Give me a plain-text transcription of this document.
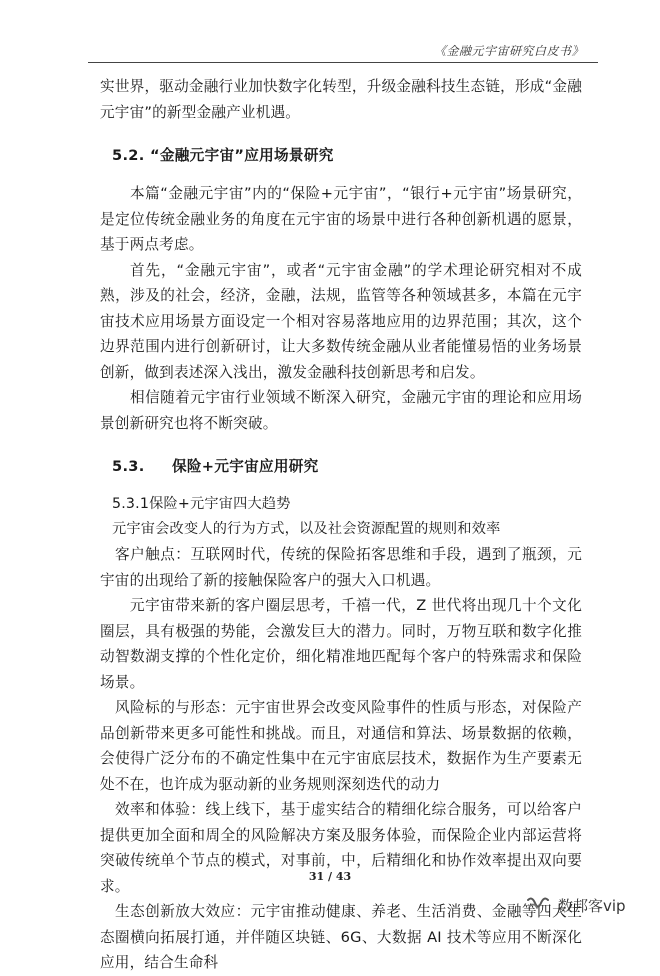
《金融元宇宙研究白皮书》

实世界，驱动金融行业加快数字化转型，升级金融科技生态链，形成“金融元宇宙”的新型金融产业机遇。

5.2. “金融元宇宙”应用场景研究

本篇“金融元宇宙”内的“保险+元宇宙”，“银行+元宇宙”场景研究，是定位传统金融业务的角度在元宇宙的场景中进行各种创新机遇的愿景，基于两点考虑。

首先，“金融元宇宙”，或者“元宇宙金融”的学术理论研究相对不成熟，涉及的社会，经济，金融，法规，监管等各种领域甚多，本篇在元宇宙技术应用场景方面设定一个相对容易落地应用的边界范围；其次，这个边界范围内进行创新研讨，让大多数传统金融从业者能懂易悟的业务场景创新，做到表述深入浅出，激发金融科技创新思考和启发。

相信随着元宇宙行业领域不断深入研究，金融元宇宙的理论和应用场景创新研究也将不断突破。

5.3. 保险+元宇宙应用研究

5.3.1保险+元宇宙四大趋势

元宇宙会改变人的行为方式，以及社会资源配置的规则和效率

客户触点：互联网时代，传统的保险拓客思维和手段，遇到了瓶颈，元宇宙的出现给了新的接触保险客户的强大入口机遇。

元宇宙带来新的客户圈层思考，千禧一代，Z 世代将出现几十个文化圈层，具有极强的势能，会激发巨大的潜力。同时，万物互联和数字化推动智数湖支撑的个性化定价，细化精准地匹配每个客户的特殊需求和保险场景。

风险标的与形态：元宇宙世界会改变风险事件的性质与形态，对保险产品创新带来更多可能性和挑战。而且，对通信和算法、场景数据的依赖，会使得广泛分布的不确定性集中在元宇宙底层技术，数据作为生产要素无处不在，也许成为驱动新的业务规则深刻迭代的动力

效率和体验：线上线下，基于虚实结合的精细化综合服务，可以给客户提供更加全面和周全的风险解决方案及服务体验，而保险企业内部运营将突破传统单个节点的模式，对事前，中，后精细化和协作效率提出双向要求。

生态创新放大效应：元宇宙推动健康、养老、生活消费、金融等四大生态圈横向拓展打通，并伴随区块链、6G、大数据 AI 技术等应用不断深化应用，结合生命科

31 / 43
数邦客vip
